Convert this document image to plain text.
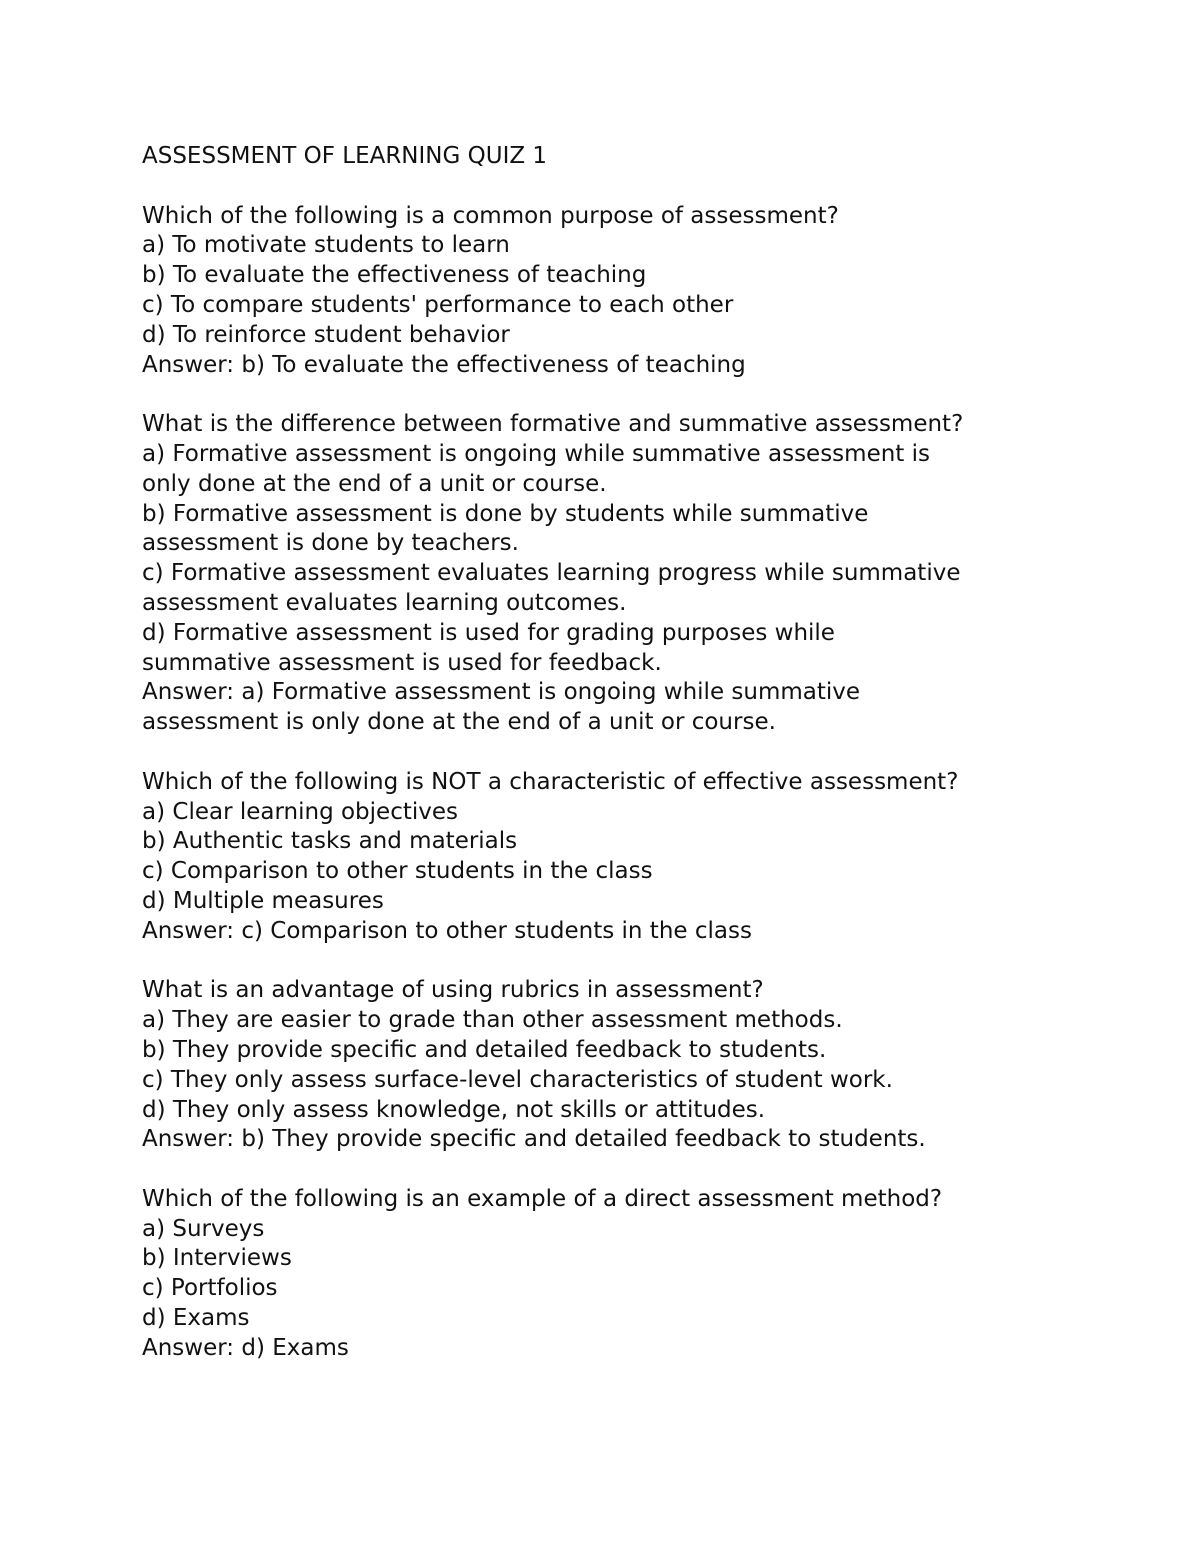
ASSESSMENT OF LEARNING QUIZ 1
Which of the following is a common purpose of assessment?
a) To motivate students to learn
b) To evaluate the effectiveness of teaching
c) To compare students' performance to each other
d) To reinforce student behavior
Answer: b) To evaluate the effectiveness of teaching
What is the difference between formative and summative assessment?
a) Formative assessment is ongoing while summative assessment is
only done at the end of a unit or course.
b) Formative assessment is done by students while summative
assessment is done by teachers.
c) Formative assessment evaluates learning progress while summative
assessment evaluates learning outcomes.
d) Formative assessment is used for grading purposes while
summative assessment is used for feedback.
Answer: a) Formative assessment is ongoing while summative
assessment is only done at the end of a unit or course.
Which of the following is NOT a characteristic of effective assessment?
a) Clear learning objectives
b) Authentic tasks and materials
c) Comparison to other students in the class
d) Multiple measures
Answer: c) Comparison to other students in the class
What is an advantage of using rubrics in assessment?
a) They are easier to grade than other assessment methods.
b) They provide specific and detailed feedback to students.
c) They only assess surface-level characteristics of student work.
d) They only assess knowledge, not skills or attitudes.
Answer: b) They provide specific and detailed feedback to students.
Which of the following is an example of a direct assessment method?
a) Surveys
b) Interviews
c) Portfolios
d) Exams
Answer: d) Exams
